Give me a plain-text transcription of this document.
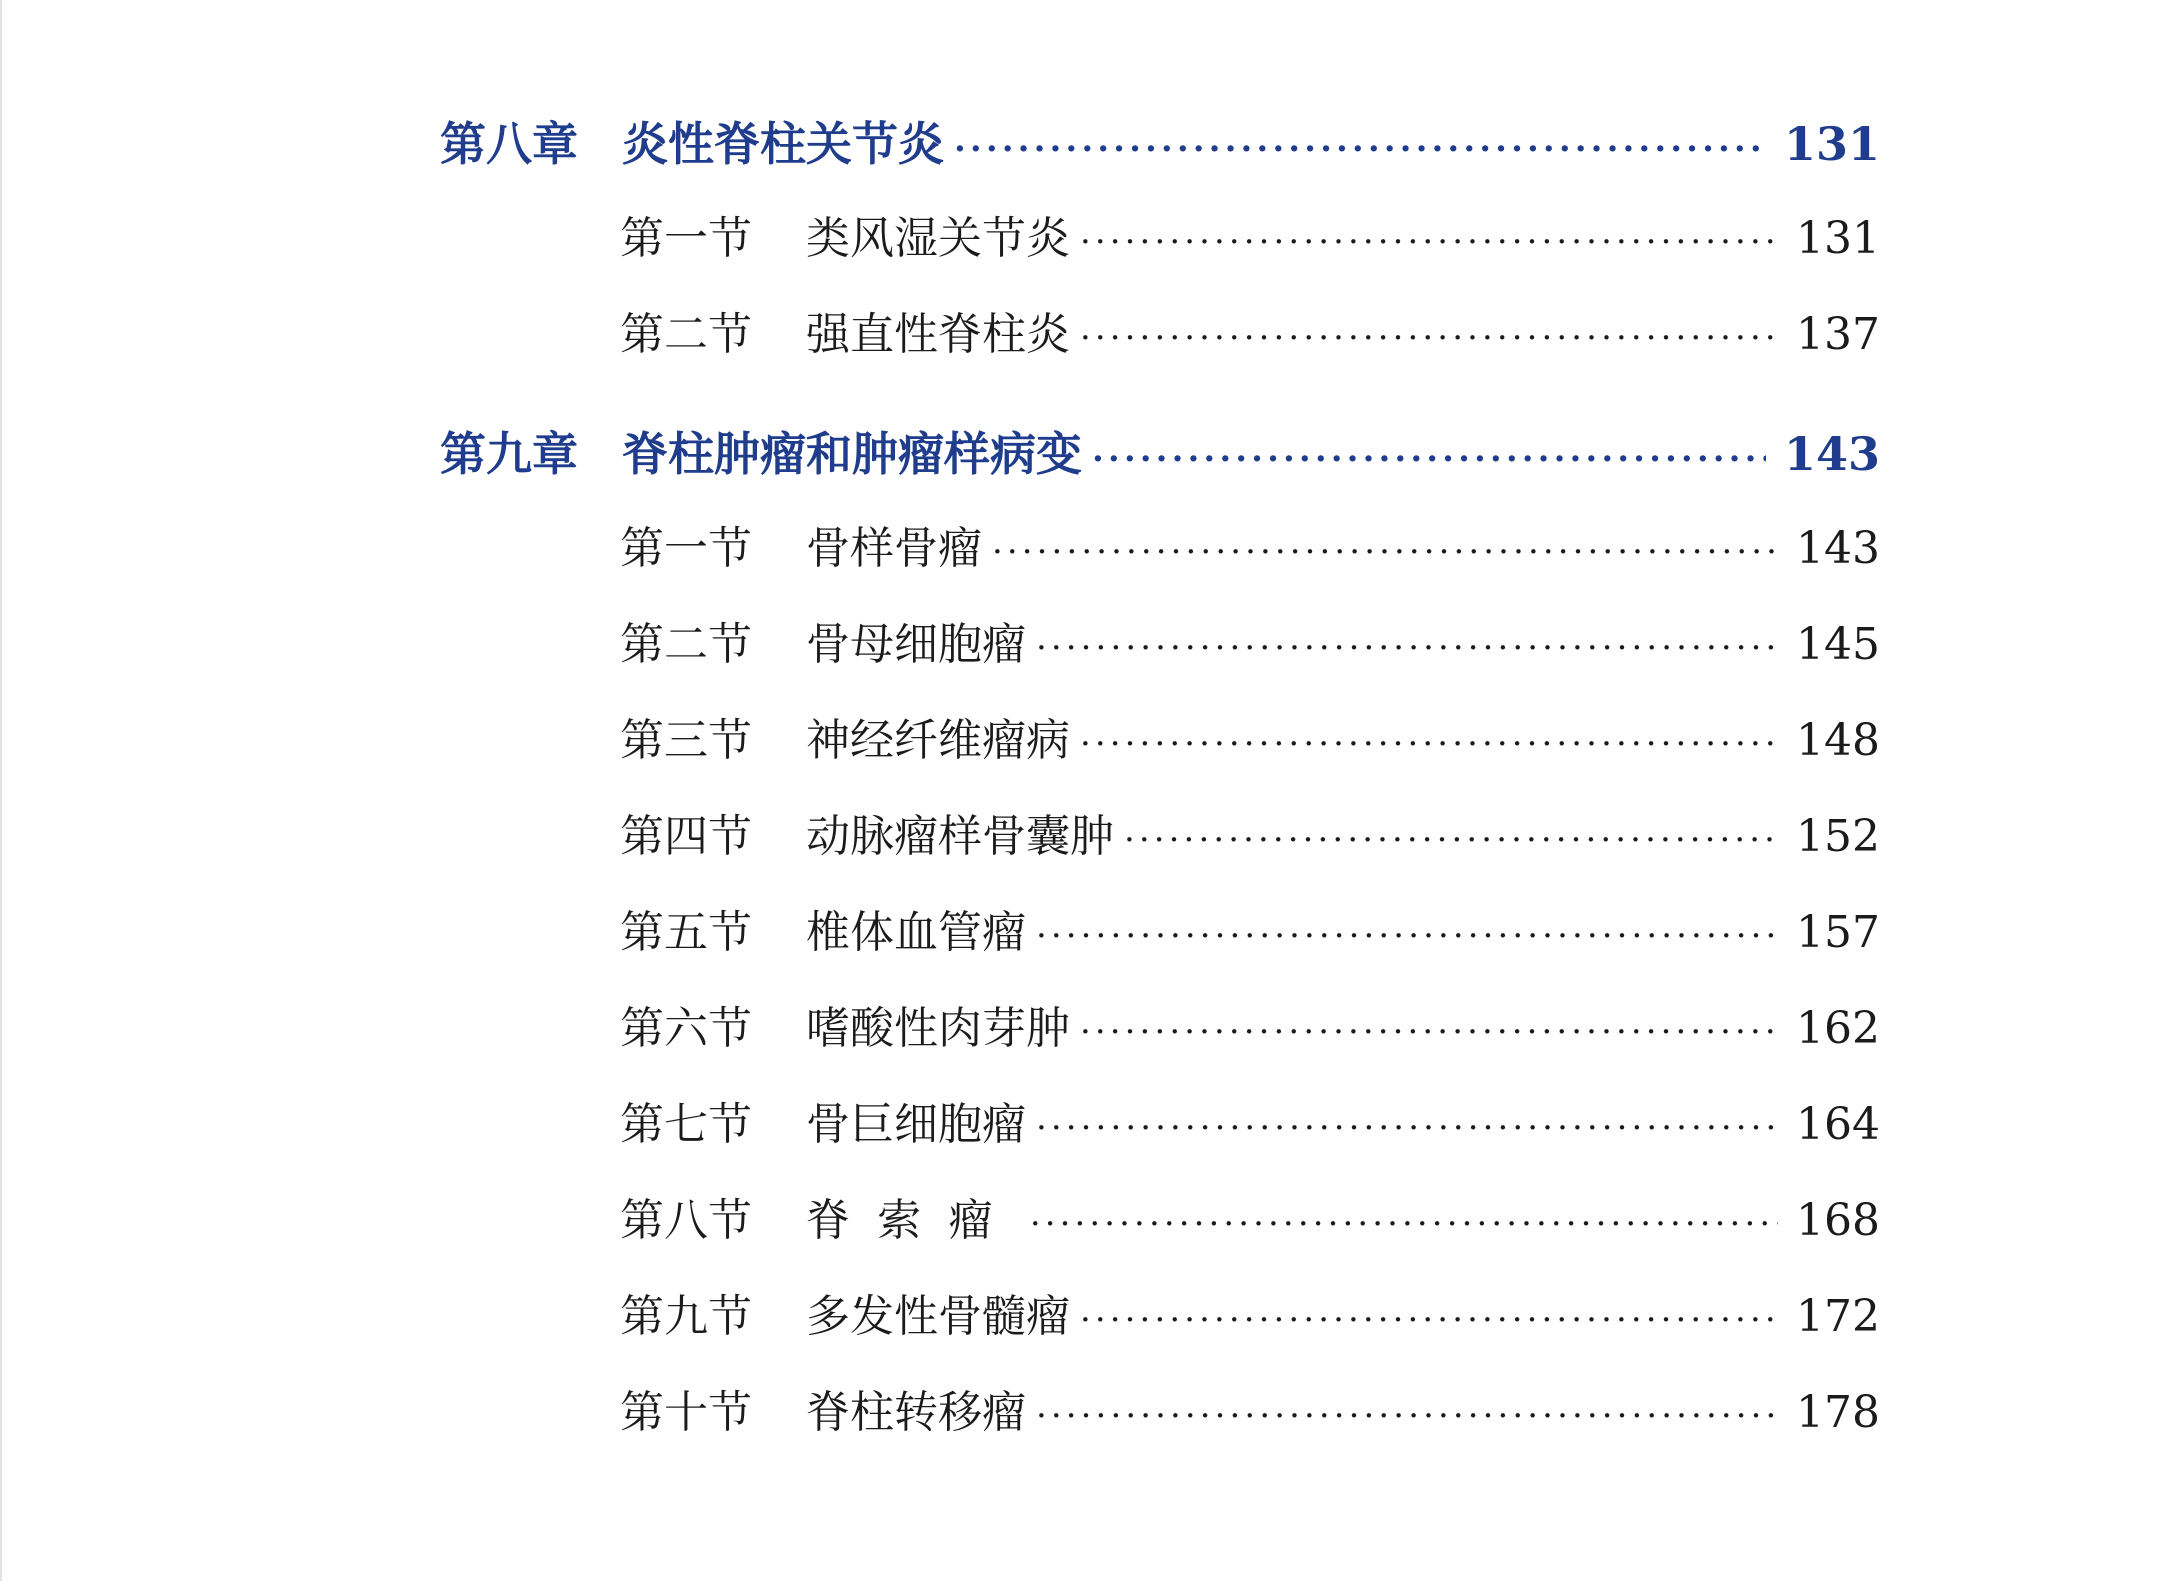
第八章 炎性脊柱关节炎 ·····	131
第一节	类风湿关节炎 ·····	131
第二节	强直性脊柱炎 ·····	137
第九章 脊柱肿瘤和肿瘤样病变 ·····	143
第一节	骨样骨瘤 ·····	143
第二节	骨母细胞瘤 ·····	145
第三节	神经纤维瘤病 ·····	148
第四节	动脉瘤样骨囊肿 ·····	152
第五节	椎体血管瘤 ·····	157
第六节	嗜酸性肉芽肿 ·····	162
第七节	骨巨细胞瘤 ·····	164
第八节	脊索瘤 ·····	168
第九节	多发性骨髓瘤 ·····	172
第十节	脊柱转移瘤 ·····	178
